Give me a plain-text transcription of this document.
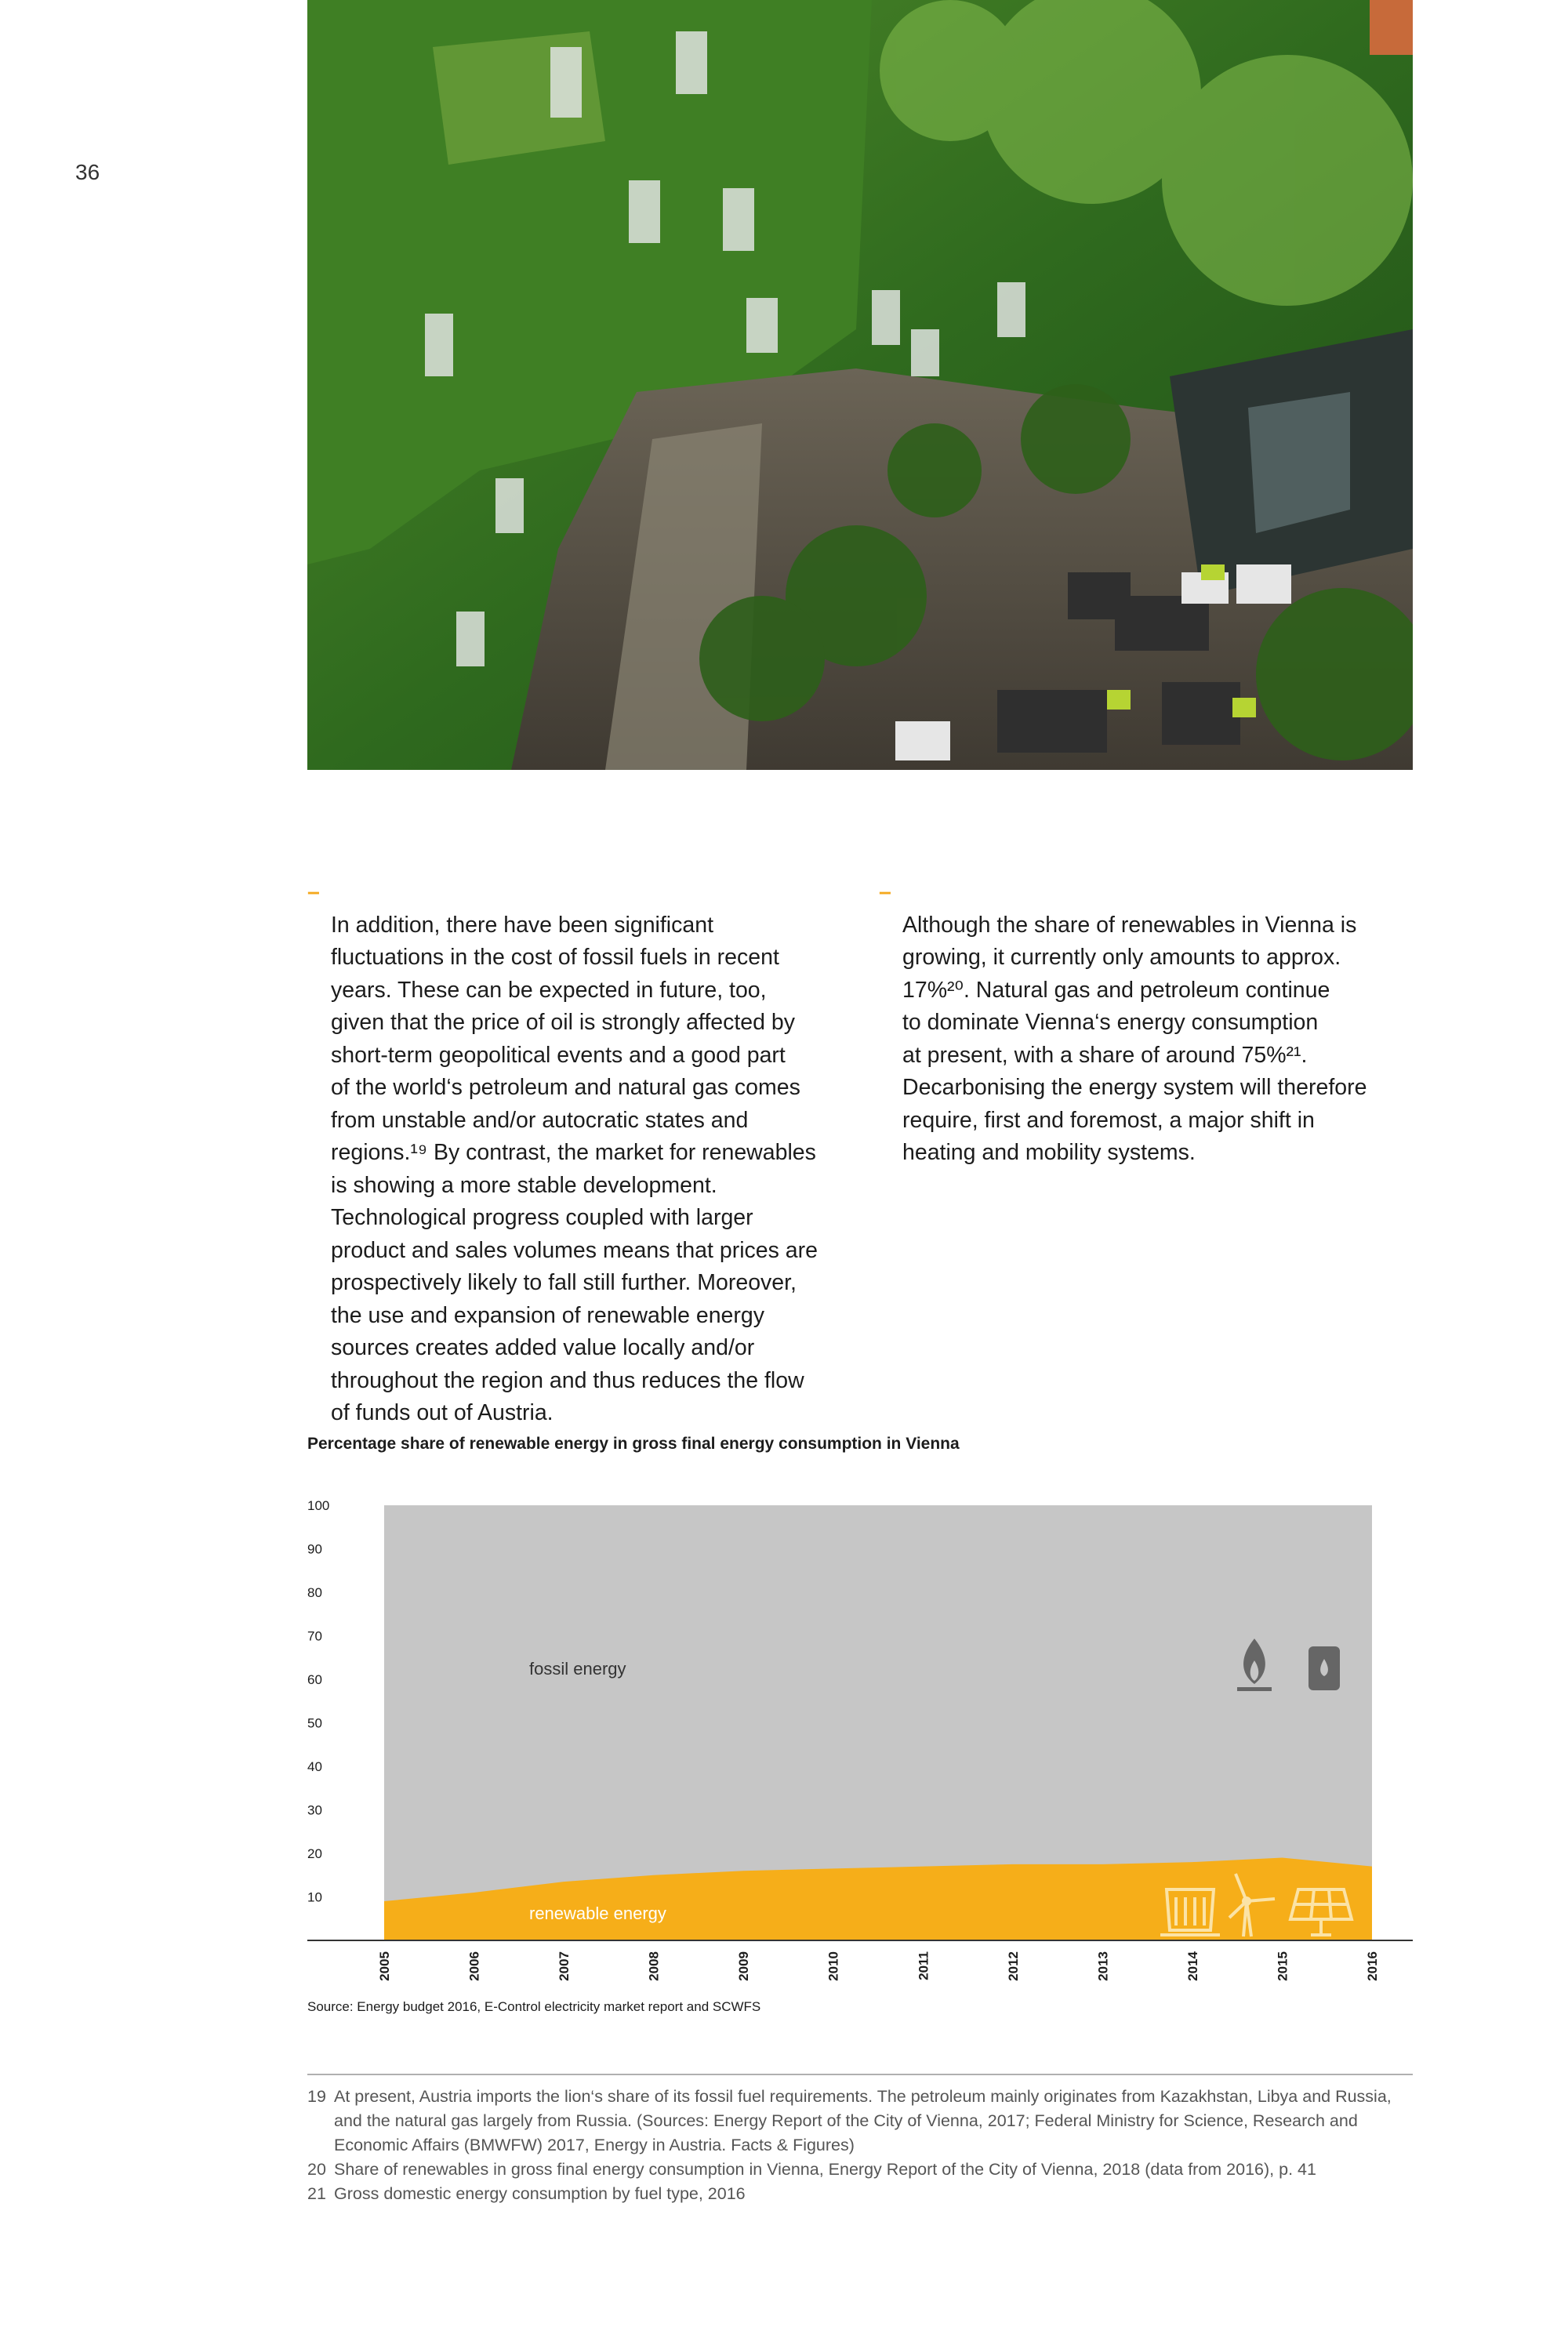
36

–
In addition, there have been significant
fluctuations in the cost of fossil fuels in recent
years. These can be expected in future, too,
given that the price of oil is strongly affected by
short-term geopolitical events and a good part
of the world‘s petroleum and natural gas comes
from unstable and/or autocratic states and
regions.¹⁹ By contrast, the market for renewables
is showing a more stable development.
Technological progress coupled with larger
product and sales volumes means that prices are
prospectively likely to fall still further. Moreover,
the use and expansion of renewable energy
sources creates added value locally and/or
throughout the region and thus reduces the flow
of funds out of Austria.

–
Although the share of renewables in Vienna is
growing, it currently only amounts to approx.
17%²⁰. Natural gas and petroleum continue
to dominate Vienna‘s energy consumption
at present, with a share of around 75%²¹.
Decarbonising the energy system will therefore
require, first and foremost, a major shift in
heating and mobility systems.

Percentage share of renewable energy in gross final energy consumption in Vienna
10
20
30
40
50
60
70
80
90
100
2005	2006	2007	2008	2009	2010	2011	2012	2013	2014	2015	2016
fossil energy
renewable energy
Source: Energy budget 2016, E-Control electricity market report and SCWFS

19 At present, Austria imports the lion‘s share of its fossil fuel requirements. The petroleum mainly originates from Kazakhstan, Libya and Russia, and the natural gas largely from Russia. (Sources: Energy Report of the City of Vienna, 2017; Federal Ministry for Science, Research and Economic Affairs (BMWFW) 2017, Energy in Austria. Facts & Figures)

20 Share of renewables in gross final energy consumption in Vienna, Energy Report of the City of Vienna, 2018 (data from 2016), p. 41

21 Gross domestic energy consumption by fuel type, 2016
